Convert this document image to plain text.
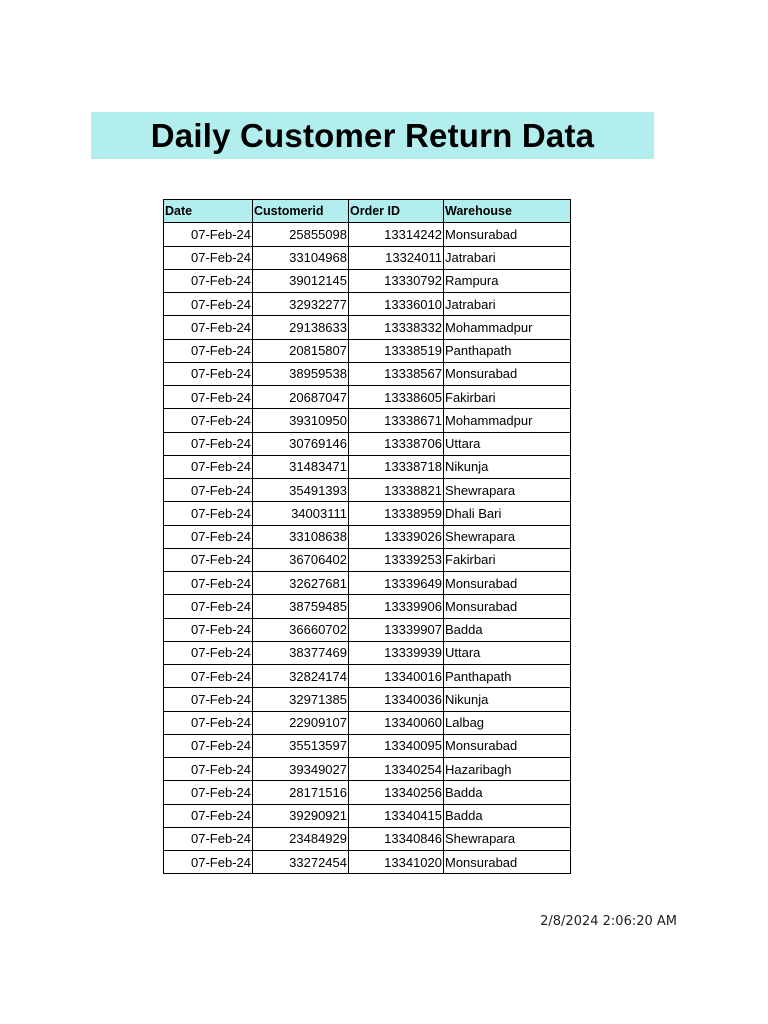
Daily Customer Return Data
Date	Customerid	Order ID	Warehouse
07-Feb-24	25855098	13314242	Monsurabad
07-Feb-24	33104968	13324011	Jatrabari
07-Feb-24	39012145	13330792	Rampura
07-Feb-24	32932277	13336010	Jatrabari
07-Feb-24	29138633	13338332	Mohammadpur
07-Feb-24	20815807	13338519	Panthapath
07-Feb-24	38959538	13338567	Monsurabad
07-Feb-24	20687047	13338605	Fakirbari
07-Feb-24	39310950	13338671	Mohammadpur
07-Feb-24	30769146	13338706	Uttara
07-Feb-24	31483471	13338718	Nikunja
07-Feb-24	35491393	13338821	Shewrapara
07-Feb-24	34003111	13338959	Dhali Bari
07-Feb-24	33108638	13339026	Shewrapara
07-Feb-24	36706402	13339253	Fakirbari
07-Feb-24	32627681	13339649	Monsurabad
07-Feb-24	38759485	13339906	Monsurabad
07-Feb-24	36660702	13339907	Badda
07-Feb-24	38377469	13339939	Uttara
07-Feb-24	32824174	13340016	Panthapath
07-Feb-24	32971385	13340036	Nikunja
07-Feb-24	22909107	13340060	Lalbag
07-Feb-24	35513597	13340095	Monsurabad
07-Feb-24	39349027	13340254	Hazaribagh
07-Feb-24	28171516	13340256	Badda
07-Feb-24	39290921	13340415	Badda
07-Feb-24	23484929	13340846	Shewrapara
07-Feb-24	33272454	13341020	Monsurabad
2/8/2024 2:06:20 AM
